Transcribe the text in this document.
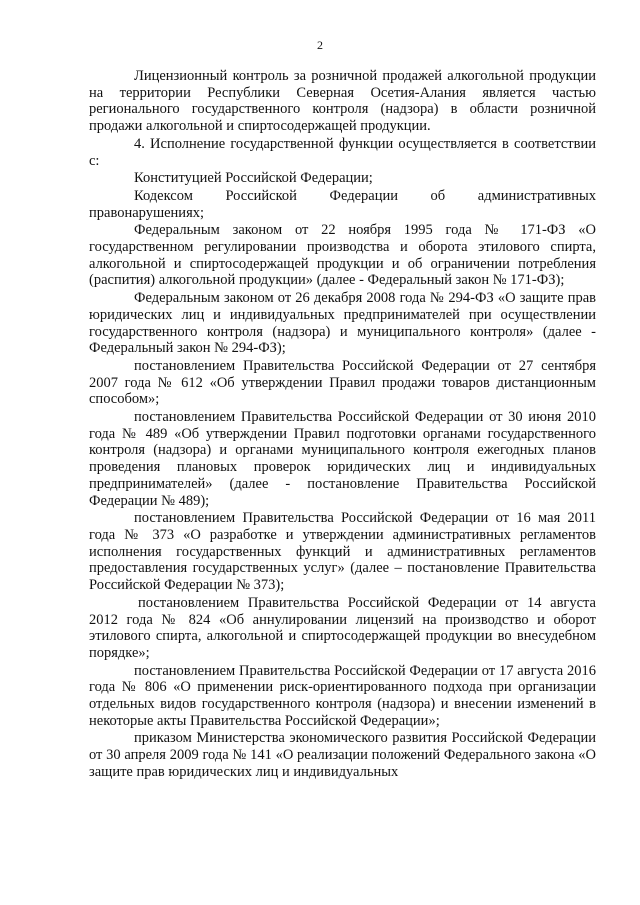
2

Лицензионный контроль за розничной продажей алкогольной продукции на территории Республики Северная Осетия-Алания является частью регионального государственного контроля (надзора) в области розничной продажи алкогольной и спиртосодержащей продукции.

4. Исполнение государственной функции осуществляется в соответствии с:

Конституцией Российской Федерации;

Кодексом Российской Федерации об административных правонарушениях;

Федеральным законом от 22 ноября 1995 года № 171-ФЗ «О государственном регулировании производства и оборота этилового спирта, алкогольной и спиртосодержащей продукции и об ограничении потребления (распития) алкогольной продукции» (далее - Федеральный закон № 171-ФЗ);

Федеральным законом от 26 декабря 2008 года № 294-ФЗ «О защите прав юридических лиц и индивидуальных предпринимателей при осуществлении государственного контроля (надзора) и муниципального контроля» (далее - Федеральный закон № 294-ФЗ);

постановлением Правительства Российской Федерации от 27 сентября 2007 года № 612 «Об утверждении Правил продажи товаров дистанционным способом»;

постановлением Правительства Российской Федерации от 30 июня 2010 года № 489 «Об утверждении Правил подготовки органами государственного контроля (надзора) и органами муниципального контроля ежегодных планов проведения плановых проверок юридических лиц и индивидуальных предпринимателей» (далее - постановление Правительства Российской Федерации № 489);

постановлением Правительства Российской Федерации от 16 мая 2011 года № 373 «О разработке и утверждении административных регламентов исполнения государственных функций и административных регламентов предоставления государственных услуг» (далее – постановление Правительства Российской Федерации № 373);

постановлением Правительства Российской Федерации от 14 августа 2012 года № 824 «Об аннулировании лицензий на производство и оборот этилового спирта, алкогольной и спиртосодержащей продукции во внесудебном порядке»;

постановлением Правительства Российской Федерации от 17 августа 2016 года № 806 «О применении риск-ориентированного подхода при организации отдельных видов государственного контроля (надзора) и внесении изменений в некоторые акты Правительства Российской Федерации»;

приказом Министерства экономического развития Российской Федерации от 30 апреля 2009 года № 141 «О реализации положений Федерального закона «О защите прав юридических лиц и индивидуальных
